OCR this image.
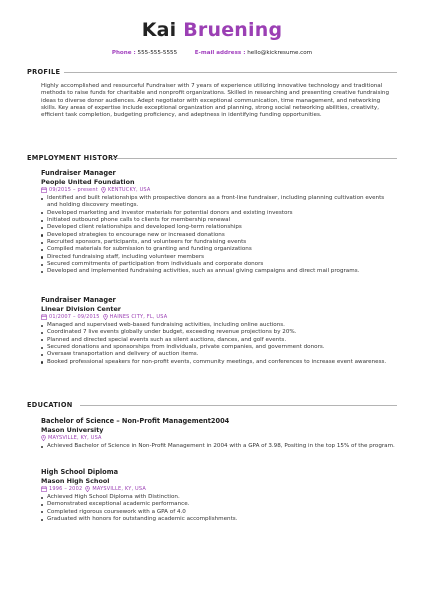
Kai Bruening
Phone : 555-555-5555	E-mail address : hello@kickresume.com
PROFILE
Highly accomplished and resourceful Fundraiser with 7 years of experience utilizing innovative technology and traditional methods to raise funds for charitable and nonprofit organizations. Skilled in researching and presenting creative fundraising ideas to diverse donor audiences. Adept negotiator with exceptional communication, time management, and networking skills. Key areas of expertise include exceptional organization and planning, strong social networking abilities, creativity, efficient task completion, budgeting proficiency, and adeptness in identifying funding opportunities.
EMPLOYMENT HISTORY
Fundraiser Manager
People United Foundation
09/2015 – present KENTUCKY, USA
Identified and built relationships with prospective donors as a front-line fundraiser, including planning cultivation events and holding discovery meetings.
Developed marketing and investor materials for potential donors and existing investors
Initiated outbound phone calls to clients for membership renewal
Developed client relationships and developed long-term relationships
Developed strategies to encourage new or increased donations
Recruited sponsors, participants, and volunteers for fundraising events
Compiled materials for submission to granting and funding organizations
Directed fundraising staff, including volunteer members
Secured commitments of participation from individuals and corporate donors
Developed and implemented fundraising activities, such as annual giving campaigns and direct mail programs.
Fundraiser Manager
Linear Division Center
01/2007 – 09/2015 HAINES CITY, FL, USA
Managed and supervised web-based fundraising activities, including online auctions.
Coordinated 7 live events globally under budget, exceeding revenue projections by 20%.
Planned and directed special events such as silent auctions, dances, and golf events.
Secured donations and sponsorships from individuals, private companies, and government donors.
Oversaw transportation and delivery of auction items.
Booked professional speakers for non-profit events, community meetings, and conferences to increase event awareness.
EDUCATION
Bachelor of Science – Non-Profit Management2004
Mason University
MAYSVILLE, KY, USA
Achieved Bachelor of Science in Non-Profit Management in 2004 with a GPA of 3.98, Positing in the top 15% of the program.
High School Diploma
Mason High School
1996 – 2002 MAYSVILLE, KY, USA
Achieved High School Diploma with Distinction.
Demonstrated exceptional academic performance.
Completed rigorous coursework with a GPA of 4.0
Graduated with honors for outstanding academic accomplishments.
